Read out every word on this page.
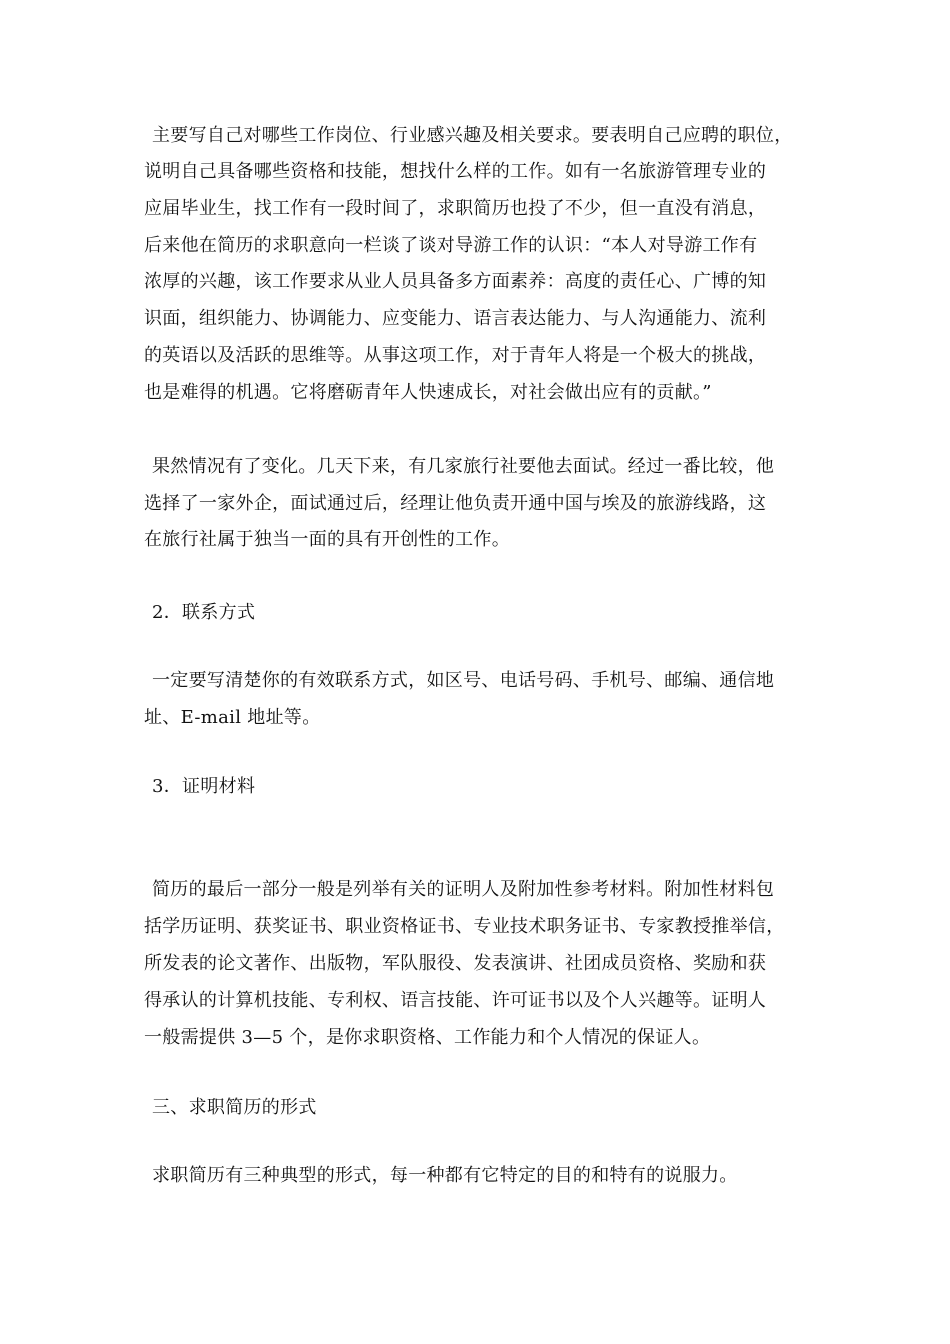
主要写自己对哪些工作岗位、行业感兴趣及相关要求。要表明自己应聘的职位，
说明自己具备哪些资格和技能，想找什么样的工作。如有一名旅游管理专业的
应届毕业生，找工作有一段时间了，求职简历也投了不少，但一直没有消息，
后来他在简历的求职意向一栏谈了谈对导游工作的认识：“本人对导游工作有
浓厚的兴趣，该工作要求从业人员具备多方面素养：高度的责任心、广博的知
识面，组织能力、协调能力、应变能力、语言表达能力、与人沟通能力、流利
的英语以及活跃的思维等。从事这项工作，对于青年人将是一个极大的挑战，
也是难得的机遇。它将磨砺青年人快速成长，对社会做出应有的贡献。”
果然情况有了变化。几天下来，有几家旅行社要他去面试。经过一番比较，他
选择了一家外企，面试通过后，经理让他负责开通中国与埃及的旅游线路，这
在旅行社属于独当一面的具有开创性的工作。
2．联系方式
一定要写清楚你的有效联系方式，如区号、电话号码、手机号、邮编、通信地
址、E-mail 地址等。
3．证明材料
简历的最后一部分一般是列举有关的证明人及附加性参考材料。附加性材料包
括学历证明、获奖证书、职业资格证书、专业技术职务证书、专家教授推举信，
所发表的论文著作、出版物，军队服役、发表演讲、社团成员资格、奖励和获
得承认的计算机技能、专利权、语言技能、许可证书以及个人兴趣等。证明人
一般需提供 3—5 个，是你求职资格、工作能力和个人情况的保证人。
三、求职简历的形式
求职简历有三种典型的形式，每一种都有它特定的目的和特有的说服力。
